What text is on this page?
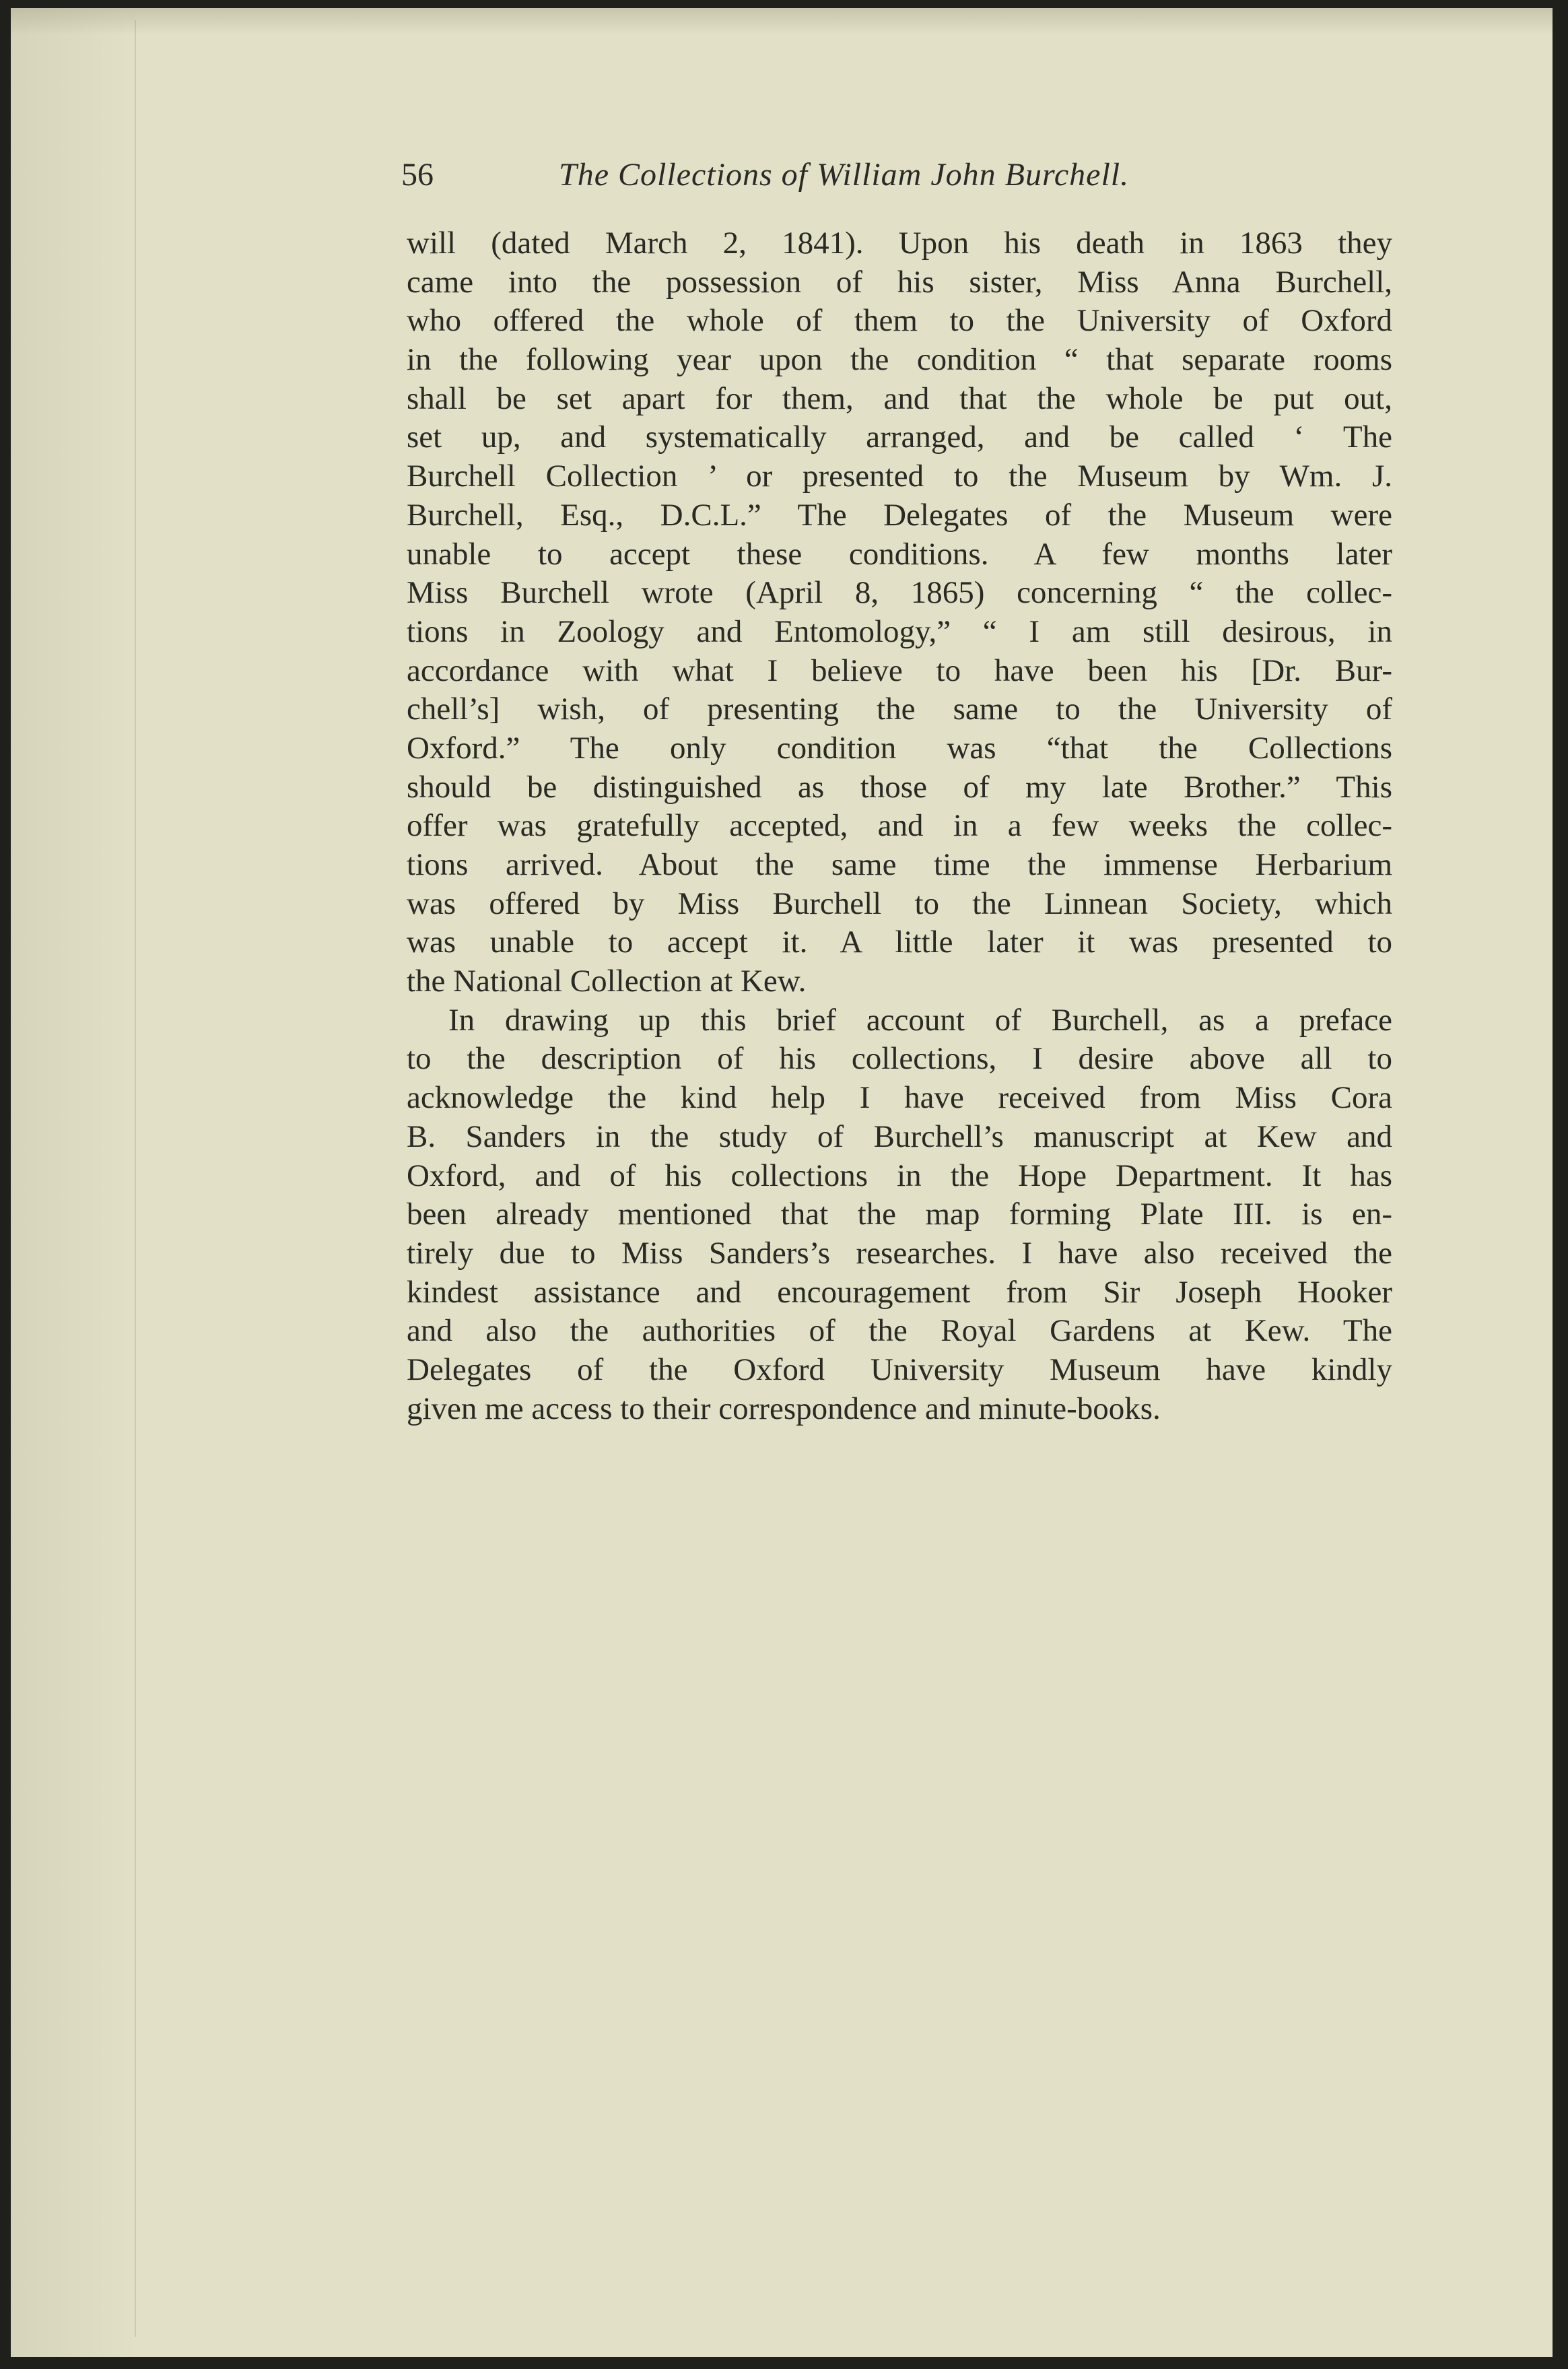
56	The Collections of William John Burchell.
will (dated March 2, 1841). Upon his death in 1863 they
came into the possession of his sister, Miss Anna Burchell,
who offered the whole of them to the University of Oxford
in the following year upon the condition “ that separate rooms
shall be set apart for them, and that the whole be put out,
set up, and systematically arranged, and be called ‘ The
Burchell Collection ’ or presented to the Museum by Wm. J.
Burchell, Esq., D.C.L.” The Delegates of the Museum were
unable to accept these conditions. A few months later
Miss Burchell wrote (April 8, 1865) concerning “ the collec-
tions in Zoology and Entomology,” “ I am still desirous, in
accordance with what I believe to have been his [Dr. Bur-
chell’s] wish, of presenting the same to the University of
Oxford.” The only condition was “that the Collections
should be distinguished as those of my late Brother.” This
offer was gratefully accepted, and in a few weeks the collec-
tions arrived. About the same time the immense Herbarium
was offered by Miss Burchell to the Linnean Society, which
was unable to accept it. A little later it was presented to
the National Collection at Kew.
In drawing up this brief account of Burchell, as a preface
to the description of his collections, I desire above all to
acknowledge the kind help I have received from Miss Cora
B. Sanders in the study of Burchell’s manuscript at Kew and
Oxford, and of his collections in the Hope Department. It has
been already mentioned that the map forming Plate III. is en-
tirely due to Miss Sanders’s researches. I have also received the
kindest assistance and encouragement from Sir Joseph Hooker
and also the authorities of the Royal Gardens at Kew. The
Delegates of the Oxford University Museum have kindly
given me access to their correspondence and minute-books.
